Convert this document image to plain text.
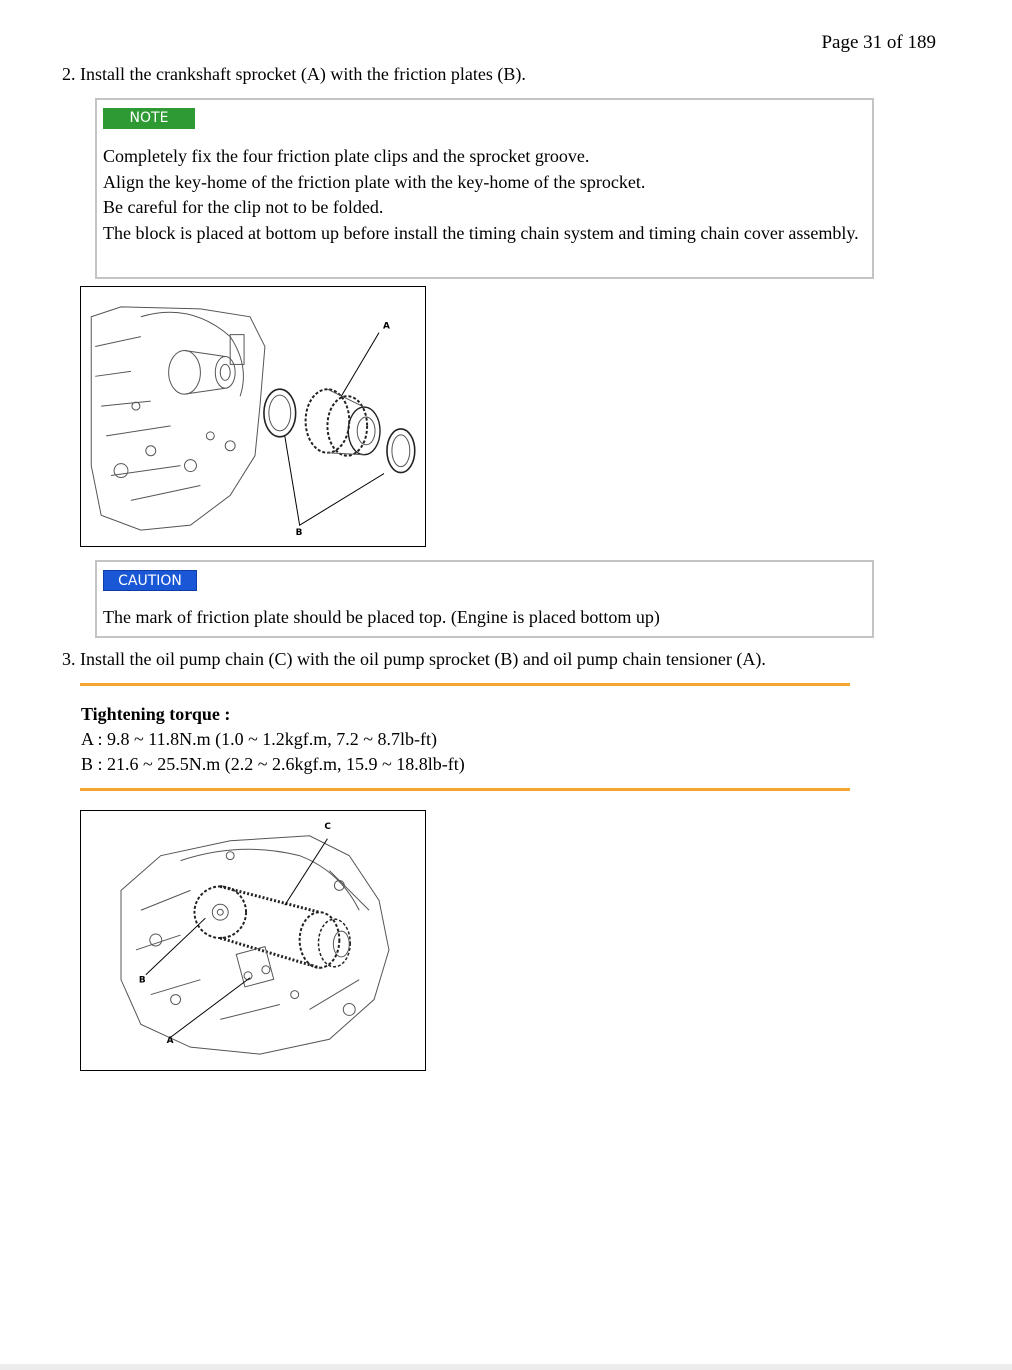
Page 31 of 189
2. Install the crankshaft sprocket (A) with the friction plates (B).
NOTE
Completely fix the four friction plate clips and the sprocket groove.
Align the key-home of the friction plate with the key-home of the sprocket.
Be careful for the clip not to be folded.
The block is placed at bottom up before install the timing chain system and timing chain cover assembly.
A
B
CAUTION
The mark of friction plate should be placed top. (Engine is placed bottom up)
3. Install the oil pump chain (C) with the oil pump sprocket (B) and oil pump chain tensioner (A).
Tightening torque :
A : 9.8 ~ 11.8N.m (1.0 ~ 1.2kgf.m, 7.2 ~ 8.7lb-ft)
B : 21.6 ~ 25.5N.m (2.2 ~ 2.6kgf.m, 15.9 ~ 18.8lb-ft)
C
B
A
